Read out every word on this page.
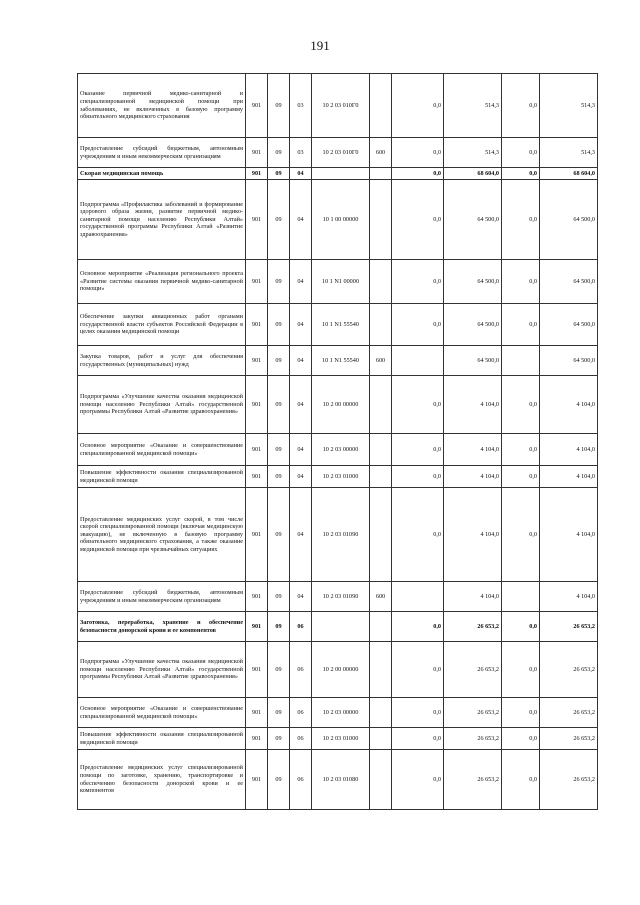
191
Оказание первичной медико-санитарной и специализированной медицинской помощи при заболеваниях, не включенных в базовую программу обязательного медицинского страхования	901	09	03	10 2 03 010Г0		0,0	514,3	0,0	514,3
Предоставление субсидий бюджетным, автономным учреждениям и иным некоммерческим организациям	901	09	03	10 2 03 010Г0	600	0,0	514,3	0,0	514,3
Скорая медицинская помощь	901	09	04			0,0	68 604,0	0,0	68 604,0
Подпрограмма «Профилактика заболеваний и формирование здорового образа жизни, развитие первичной медико-санитарной помощи населению Республики Алтай» государственной программы Республики Алтай «Развитие здравоохранения»	901	09	04	10 1 00 00000		0,0	64 500,0	0,0	64 500,0
Основное мероприятие «Реализация регионального проекта «Развитие системы оказания первичной медико-санитарной помощи»	901	09	04	10 1 N1 00000		0,0	64 500,0	0,0	64 500,0
Обеспечение закупки авиационных работ органами государственной власти субъектов Российской Федерации в целях оказания медицинской помощи	901	09	04	10 1 N1 55540		0,0	64 500,0	0,0	64 500,0
Закупка товаров, работ и услуг для обеспечения государственных (муниципальных) нужд	901	09	04	10 1 N1 55540	600		64 500,0		64 500,0
Подпрограмма «Улучшение качества оказания медицинской помощи населению Республики Алтай» государственной программы Республики Алтай «Развитие здравоохранения»	901	09	04	10 2 00 00000		0,0	4 104,0	0,0	4 104,0
Основное мероприятие «Оказание и совершенствование специализированной медицинской помощи»	901	09	04	10 2 03 00000		0,0	4 104,0	0,0	4 104,0
Повышение эффективности оказания специализированной медицинской помощи	901	09	04	10 2 03 01000		0,0	4 104,0	0,0	4 104,0
Предоставление медицинских услуг скорой, в том числе скорой специализированной помощи (включая медицинскую эвакуацию), не включенную в базовую программу обязательного медицинского страхования, а также оказание медицинской помощи при чрезвычайных ситуациях	901	09	04	10 2 03 01090		0,0	4 104,0	0,0	4 104,0
Предоставление субсидий бюджетным, автономным учреждениям и иным некоммерческим организациям	901	09	04	10 2 03 01090	600		4 104,0		4 104,0
Заготовка, переработка, хранение и обеспечение безопасности донорской крови и ее компонентов	901	09	06			0,0	26 653,2	0,0	26 653,2
Подпрограмма «Улучшение качества оказания медицинской помощи населению Республики Алтай» государственной программы Республики Алтай «Развитие здравоохранения»	901	09	06	10 2 00 00000		0,0	26 653,2	0,0	26 653,2
Основное мероприятие «Оказание и совершенствование специализированной медицинской помощи»	901	09	06	10 2 03 00000		0,0	26 653,2	0,0	26 653,2
Повышение эффективности оказания специализированной медицинской помощи	901	09	06	10 2 03 01000		0,0	26 653,2	0,0	26 653,2
Предоставление медицинских услуг специализированной помощи по заготовке, хранению, транспортировке и обеспечению безопасности донорской крови и ее компонентов	901	09	06	10 2 03 01080		0,0	26 653,2	0,0	26 653,2
